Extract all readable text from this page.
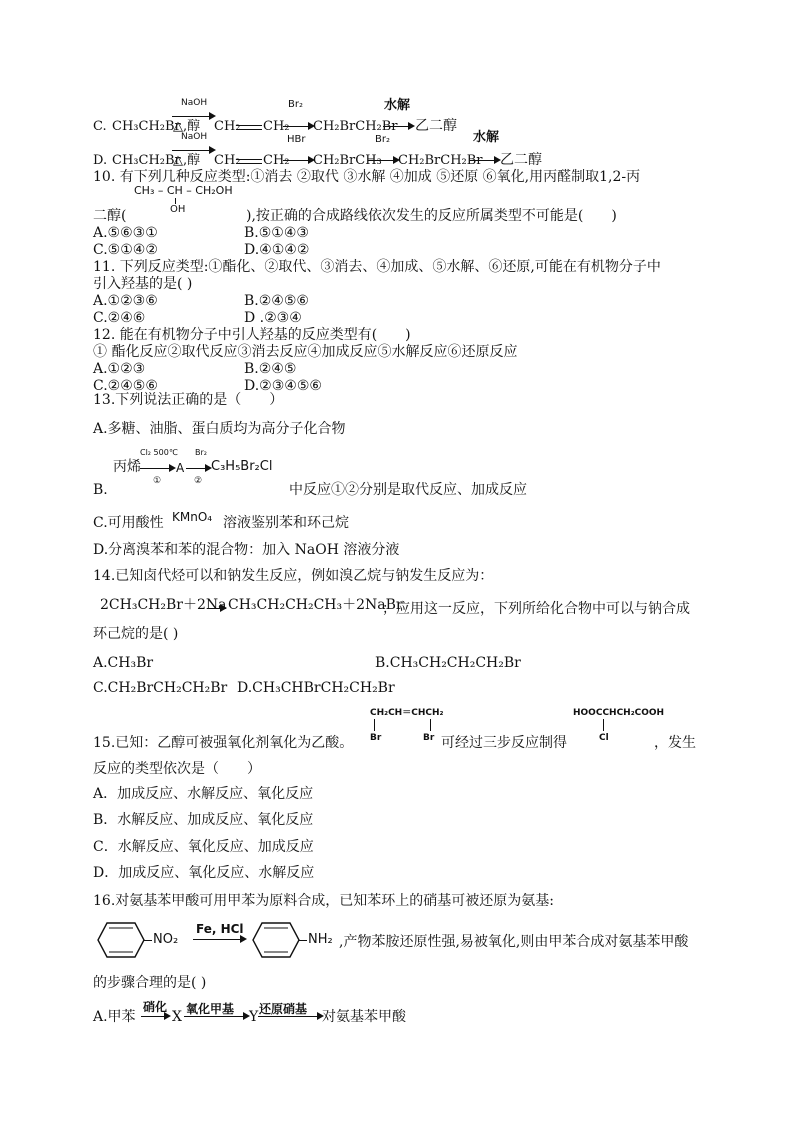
NaOH
C. CH₃CH₂Br
△,醇 CH₂ CH₂
Br₂
CH₂BrCH₂Br
水解
乙二醇
NaOH	水解
HBr	Br₂
D. CH₃CH₂Br
△,醇 CH₂ CH₂ CH₂BrCH₃ CH₂BrCH₂Br 乙二醇
10. 有下列几种反应类型:①消去 ②取代 ③水解 ④加成 ⑤还原 ⑥氧化,用丙醛制取1,2-丙
CH₃ – CH – CH₂OH
OH
二醇(	),按正确的合成路线依次发生的反应所属类型不可能是(　　)
A.⑤⑥③①	B.⑤①④③
C.⑤①④②	D.④①④②
11. 下列反应类型:①酯化、②取代、③消去、④加成、⑤水解、⑥还原,可能在有机物分子中
引入羟基的是( )
A.①②③⑥	B.②④⑤⑥
C.②④⑥	D .②③④
12. 能在有机物分子中引人羟基的反应类型有(　　)
① 酯化反应②取代反应③消去反应④加成反应⑤水解反应⑥还原反应
A.①②③	B.②④⑤
C.②④⑤⑥	D.②③④⑤⑥
13.下列说法正确的是（　　）
A.多糖、油脂、蛋白质均为高分子化合物
Cl₂ 500℃ Br₂
丙烯	A C₃H₅Br₂Cl
①	②
B.	中反应①②分别是取代反应、加成反应
C.可用酸性 KMnO₄ 溶液鉴别苯和环己烷
D.分离溴苯和苯的混合物：加入 NaOH 溶液分液
14.已知卤代烃可以和钠发生反应，例如溴乙烷与钠发生反应为：
2CH₃CH₂Br＋2Na CH₃CH₂CH₂CH₃＋2NaBr
；应用这一反应，下列所给化合物中可以与钠合成
环己烷的是( )
A.CH₃Br	B.CH₃CH₂CH₂CH₂Br
C.CH₂BrCH₂CH₂Br D.CH₃CHBrCH₂CH₂Br
CH₂CH＝CHCH₂
Br	Br
HOOCCHCH₂COOH
Cl
15.已知：乙醇可被强氧化剂氧化为乙酸。	可经过三步反应制得	，发生
反应的类型依次是（　　）
A．加成反应、水解反应、氧化反应
B．水解反应、加成反应、氧化反应
C．水解反应、氧化反应、加成反应
D．加成反应、氧化反应、水解反应
16.对氨基苯甲酸可用甲苯为原料合成，已知苯环上的硝基可被还原为氨基:
NO₂
Fe, HCl
NH₂ ,产物苯胺还原性强,易被氧化,则由甲苯合成对氨基苯甲酸
的步骤合理的是( )
A.甲苯
硝化
X 氧化甲基 Y 还原硝基 对氨基苯甲酸
